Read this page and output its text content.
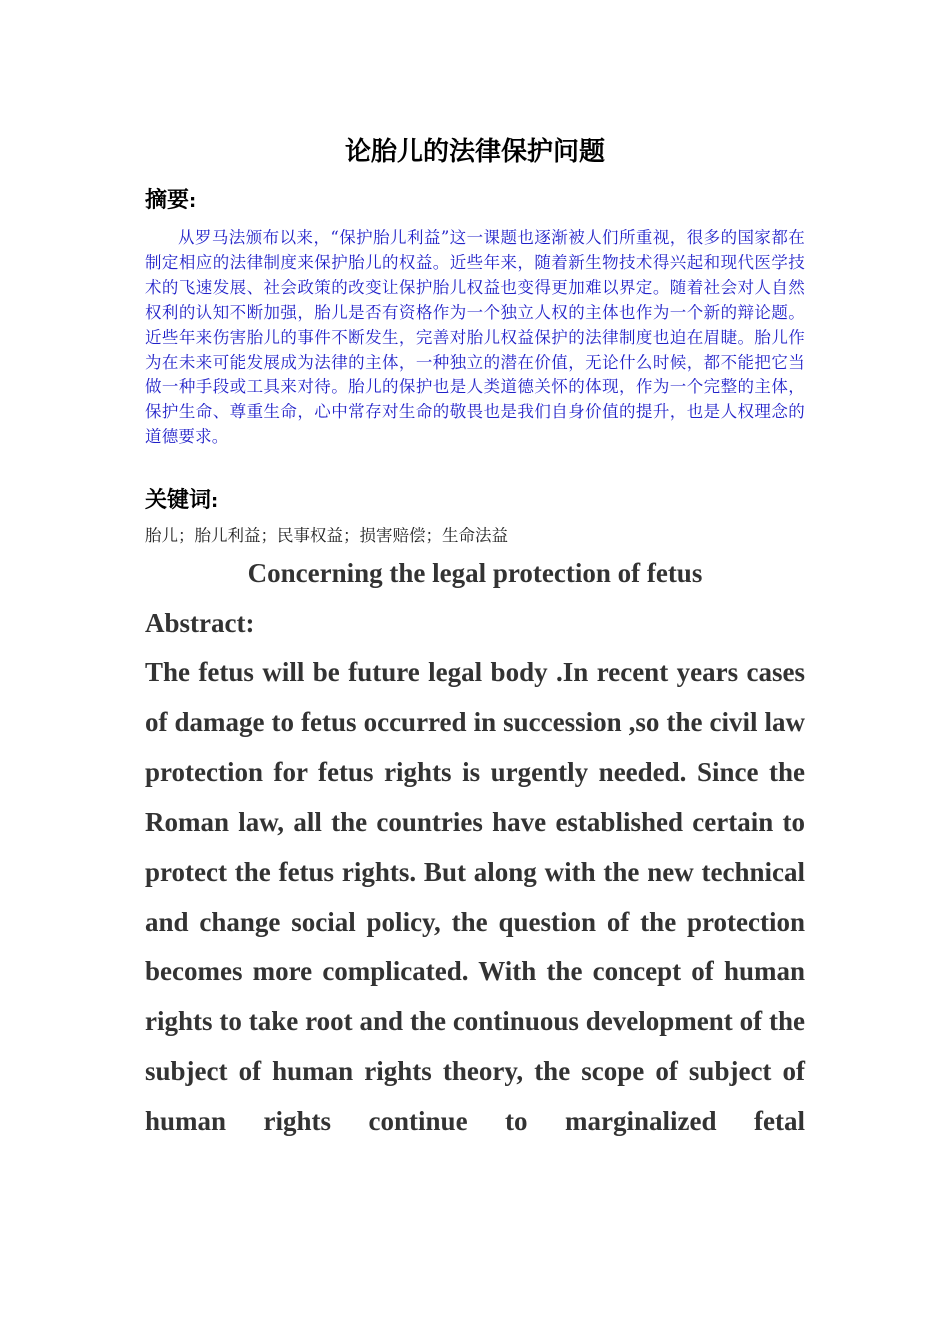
论胎儿的法律保护问题
摘要:

从罗马法颁布以来，“保护胎儿利益”这一课题也逐渐被人们所重视，很多的国家都在制定相应的法律制度来保护胎儿的权益。近些年来，随着新生物技术得兴起和现代医学技术的飞速发展、社会政策的改变让保护胎儿权益也变得更加难以界定。随着社会对人自然权利的认知不断加强，胎儿是否有资格作为一个独立人权的主体也作为一个新的辩论题。近些年来伤害胎儿的事件不断发生，完善对胎儿权益保护的法律制度也迫在眉睫。胎儿作为在未来可能发展成为法律的主体，一种独立的潜在价值，无论什么时候，都不能把它当做一种手段或工具来对待。胎儿的保护也是人类道德关怀的体现，作为一个完整的主体，保护生命、尊重生命，心中常存对生命的敬畏也是我们自身价值的提升，也是人权理念的道德要求。

关键词:

胎儿；胎儿利益；民事权益；损害赔偿；生命法益

Concerning the legal protection of fetus
Abstract:

The fetus will be future legal body .In recent years cases of damage to fetus occurred in succession ,so the civil law protection for fetus rights is urgently needed. Since the Roman law, all the countries have established certain to protect the fetus rights. But along with the new technical and change social policy, the question of the protection becomes more complicated. With the concept of human rights to take root and the continuous development of the subject of human rights theory, the scope of subject of human rights continue to marginalized fetal
